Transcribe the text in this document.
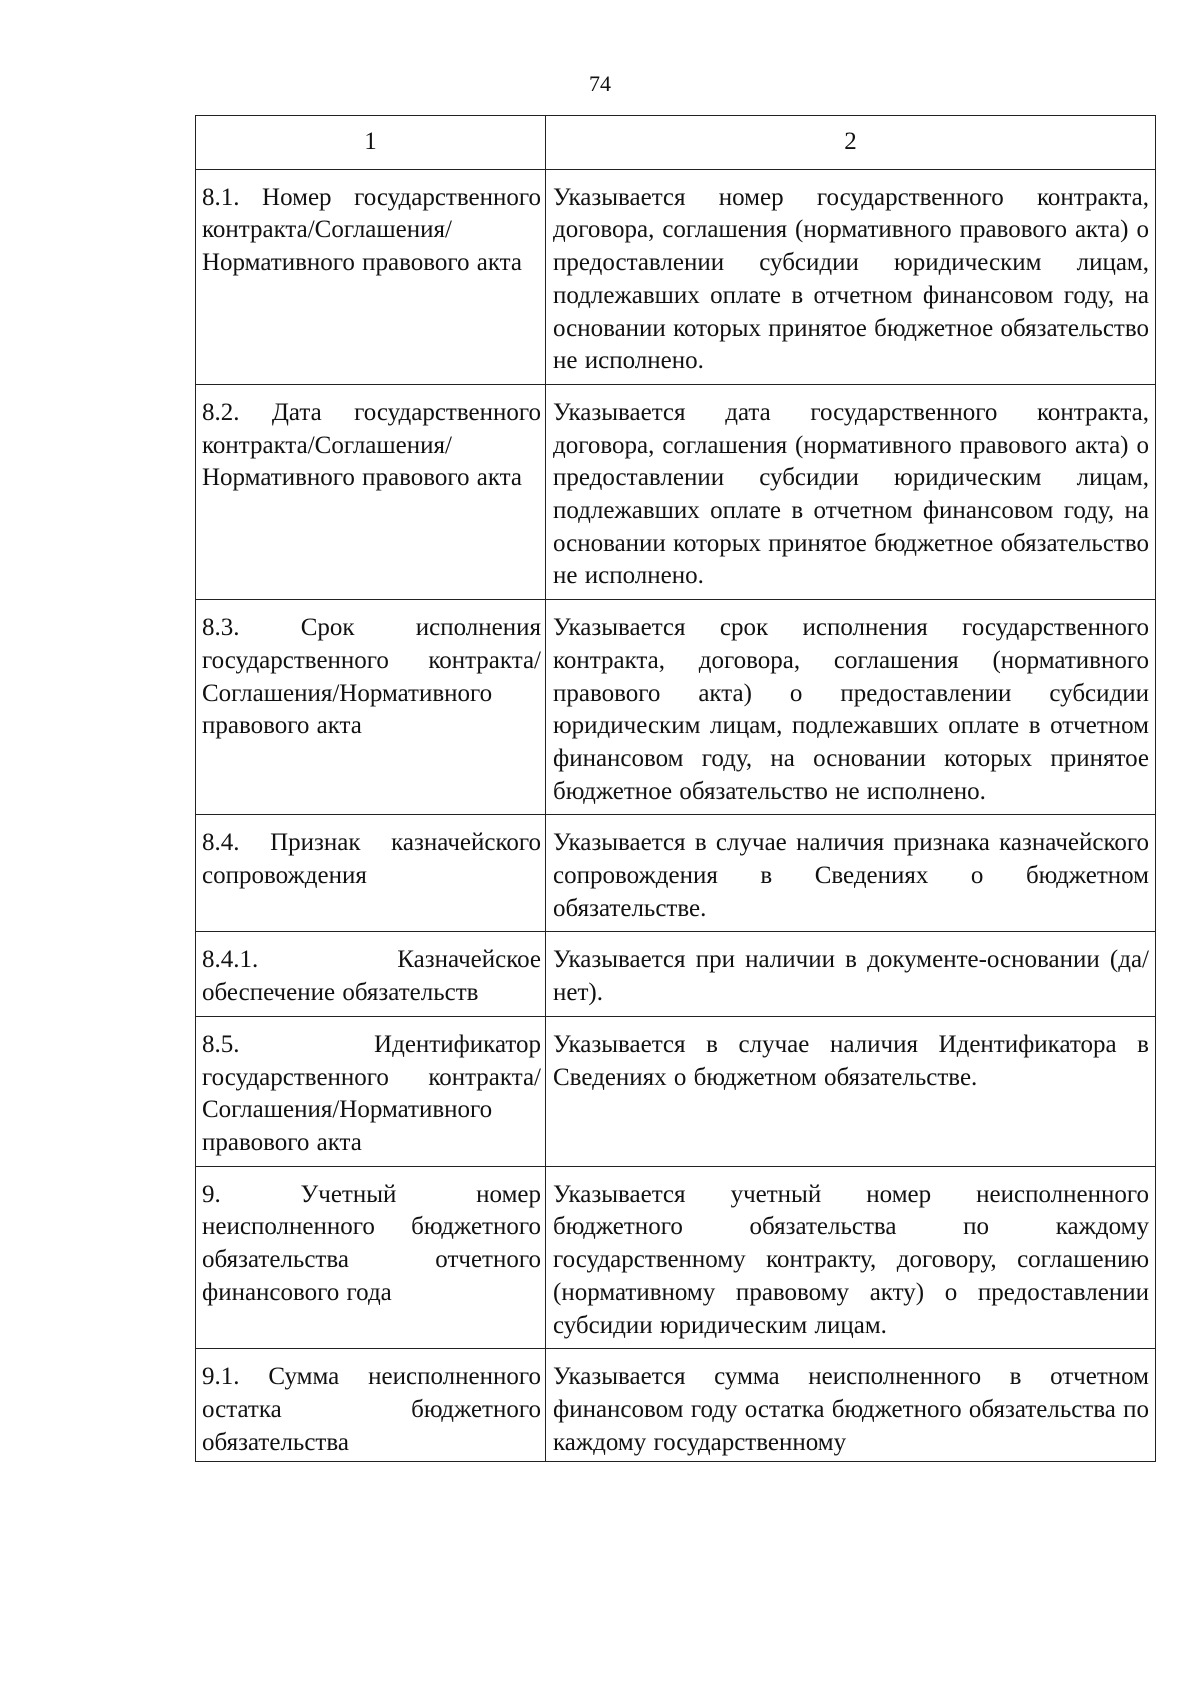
74
1	2
8.1. Номер государственного контракта/Соглашения/Нормативного правового акта	Указывается номер государственного контракта, договора, соглашения (нормативного правового акта) о предоставлении субсидии юридическим лицам, подлежавших оплате в отчетном финансовом году, на основании которых принятое бюджетное обязательство не исполнено.
8.2. Дата государственного контракта/Соглашения/Нормативного правового акта	Указывается дата государственного контракта, договора, соглашения (нормативного правового акта) о предоставлении субсидии юридическим лицам, подлежавших оплате в отчетном финансовом году, на основании которых принятое бюджетное обязательство не исполнено.
8.3. Срок исполнения государственного контракта/Соглашения/Нормативного правового акта	Указывается срок исполнения государственного контракта, договора, соглашения (нормативного правового акта) о предоставлении субсидии юридическим лицам, подлежавших оплате в отчетном финансовом году, на основании которых принятое бюджетное обязательство не исполнено.
8.4. Признак казначейского сопровождения	Указывается в случае наличия признака казначейского сопровождения в Сведениях о бюджетном обязательстве.
8.4.1. Казначейское обеспечение обязательств	Указывается при наличии в документе-основании (да/нет).
8.5. Идентификатор государственного контракта/Соглашения/Нормативного правового акта	Указывается в случае наличия Идентификатора в Сведениях о бюджетном обязательстве.
9. Учетный номер неисполненного бюджетного обязательства отчетного финансового года	Указывается учетный номер неисполненного бюджетного обязательства по каждому государственному контракту, договору, соглашению (нормативному правовому акту) о предоставлении субсидии юридическим лицам.
9.1. Сумма неисполненного остатка бюджетного обязательства	Указывается сумма неисполненного в отчетном финансовом году остатка бюджетного обязательства по каждому государственному
